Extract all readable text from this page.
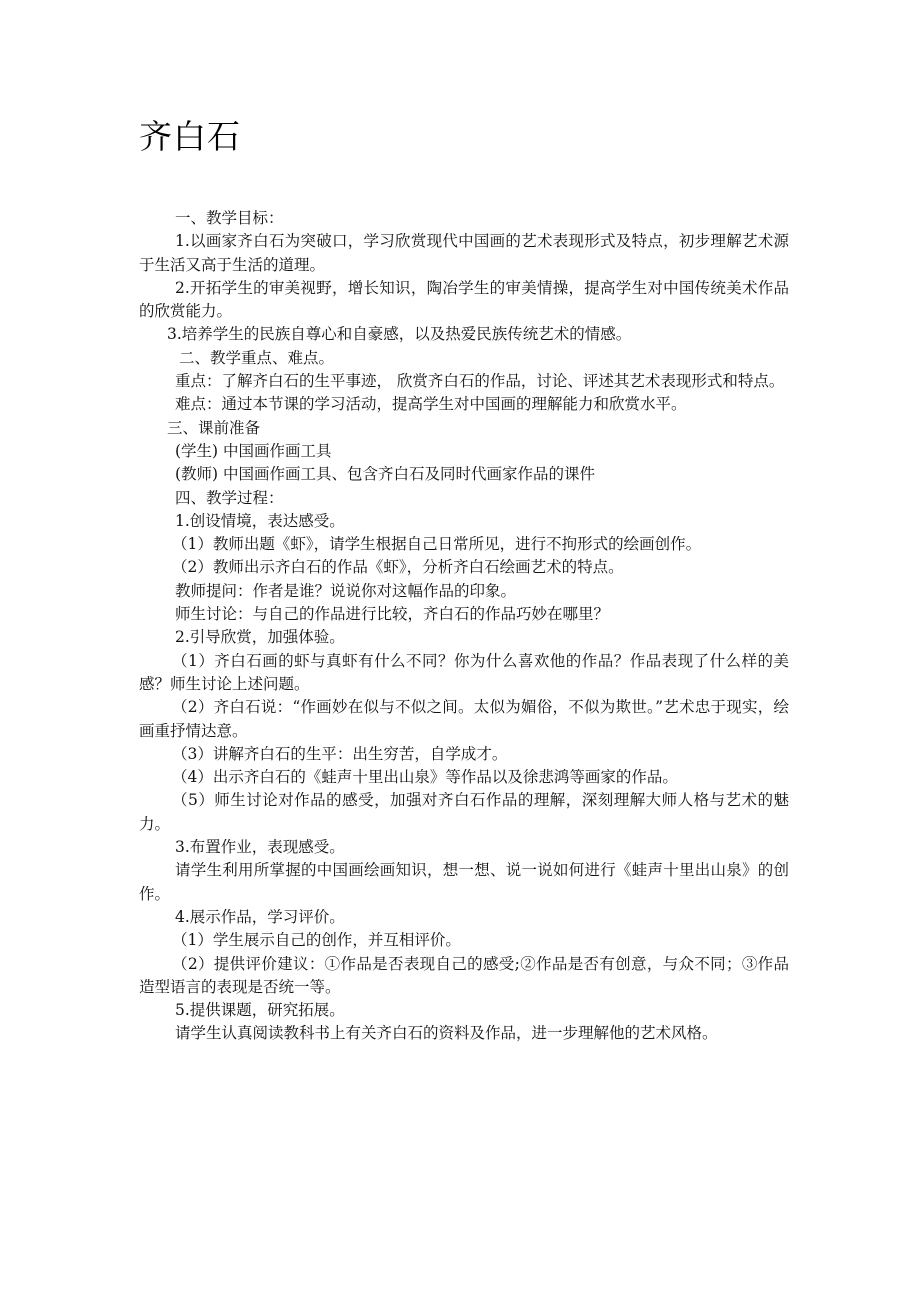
齐白石

一、教学目标：

1.以画家齐白石为突破口，学习欣赏现代中国画的艺术表现形式及特点，初步理解艺术源于生活又高于生活的道理。

2.开拓学生的审美视野，增长知识，陶冶学生的审美情操，提高学生对中国传统美术作品的欣赏能力。

3.培养学生的民族自尊心和自豪感，以及热爱民族传统艺术的情感。

二、教学重点、难点。

重点：了解齐白石的生平事迹， 欣赏齐白石的作品，讨论、评述其艺术表现形式和特点。

难点：通过本节课的学习活动，提高学生对中国画的理解能力和欣赏水平。

三、课前准备

(学生) 中国画作画工具

(教师) 中国画作画工具、包含齐白石及同时代画家作品的课件

四、教学过程：

1.创设情境，表达感受。

（1）教师出题《虾》，请学生根据自己日常所见，进行不拘形式的绘画创作。

（2）教师出示齐白石的作品《虾》，分析齐白石绘画艺术的特点。

教师提问：作者是谁？说说你对这幅作品的印象。

师生讨论：与自己的作品进行比较，齐白石的作品巧妙在哪里？

2.引导欣赏，加强体验。

（1）齐白石画的虾与真虾有什么不同？你为什么喜欢他的作品？作品表现了什么样的美感？师生讨论上述问题。

（2）齐白石说：“作画妙在似与不似之间。太似为媚俗，不似为欺世。”艺术忠于现实，绘画重抒情达意。

（3）讲解齐白石的生平：出生穷苦，自学成才。

（4）出示齐白石的《蛙声十里出山泉》等作品以及徐悲鸿等画家的作品。

（5）师生讨论对作品的感受，加强对齐白石作品的理解，深刻理解大师人格与艺术的魅力。

3.布置作业，表现感受。

请学生利用所掌握的中国画绘画知识，想一想、说一说如何进行《蛙声十里出山泉》的创作。

4.展示作品，学习评价。

（1）学生展示自己的创作，并互相评价。

（2）提供评价建议：①作品是否表现自己的感受;②作品是否有创意，与众不同；③作品造型语言的表现是否统一等。

5.提供课题，研究拓展。

请学生认真阅读教科书上有关齐白石的资料及作品，进一步理解他的艺术风格。
